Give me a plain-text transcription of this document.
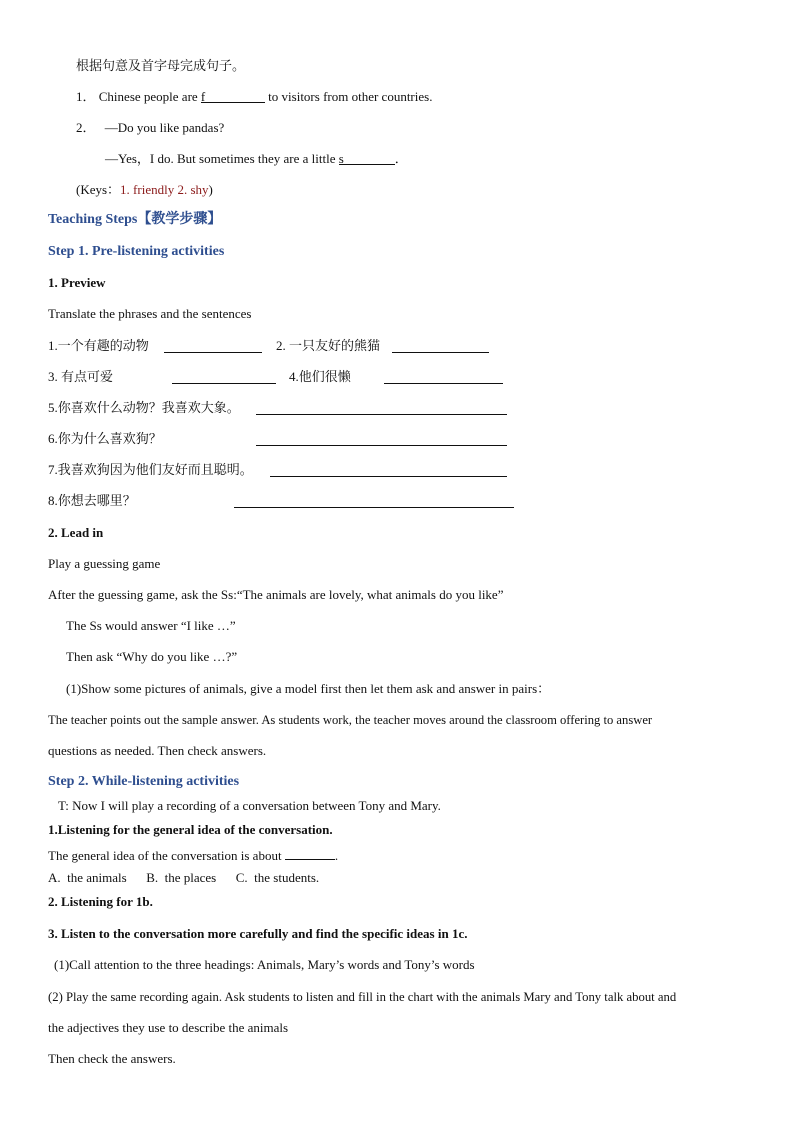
根据句意及首字母完成句子。
1． Chinese people are f	to visitors from other countries.
2． —Do you like pandas?
—Yes，I do. But sometimes they are a little s	．
(Keys：1. friendly 2. shy)
Teaching Steps【教学步骤】
Step 1. Pre-listening activities
1. Preview
Translate the phrases and the sentences
1.一个有趣的动物	2. 一只友好的熊猫
3. 有点可爱	4.他们很懒
5.你喜欢什么动物？我喜欢大象。
6.你为什么喜欢狗？
7.我喜欢狗因为他们友好而且聪明。
8.你想去哪里？
2. Lead in
Play a guessing game
After the guessing game, ask the Ss:“The animals are lovely, what animals do you like”
The Ss would answer “I like …”
Then ask “Why do you like …?”
(1)Show some pictures of animals, give a model first then let them ask and answer in pairs：
The teacher points out the sample answer. As students work, the teacher moves around the classroom offering to answer
questions as needed. Then check answers.
Step 2. While-listening activities
T: Now I will play a recording of a conversation between Tony and Mary.
1.Listening for the general idea of the conversation.
The general idea of the conversation is about	.
A.  the animals      B.  the places      C.  the students.
2. Listening for 1b.
3. Listen to the conversation more carefully and find the specific ideas in 1c.
(1)Call attention to the three headings: Animals, Mary’s words and Tony’s words
(2) Play the same recording again. Ask students to listen and fill in the chart with the animals Mary and Tony talk about and
the adjectives they use to describe the animals
Then check the answers.
